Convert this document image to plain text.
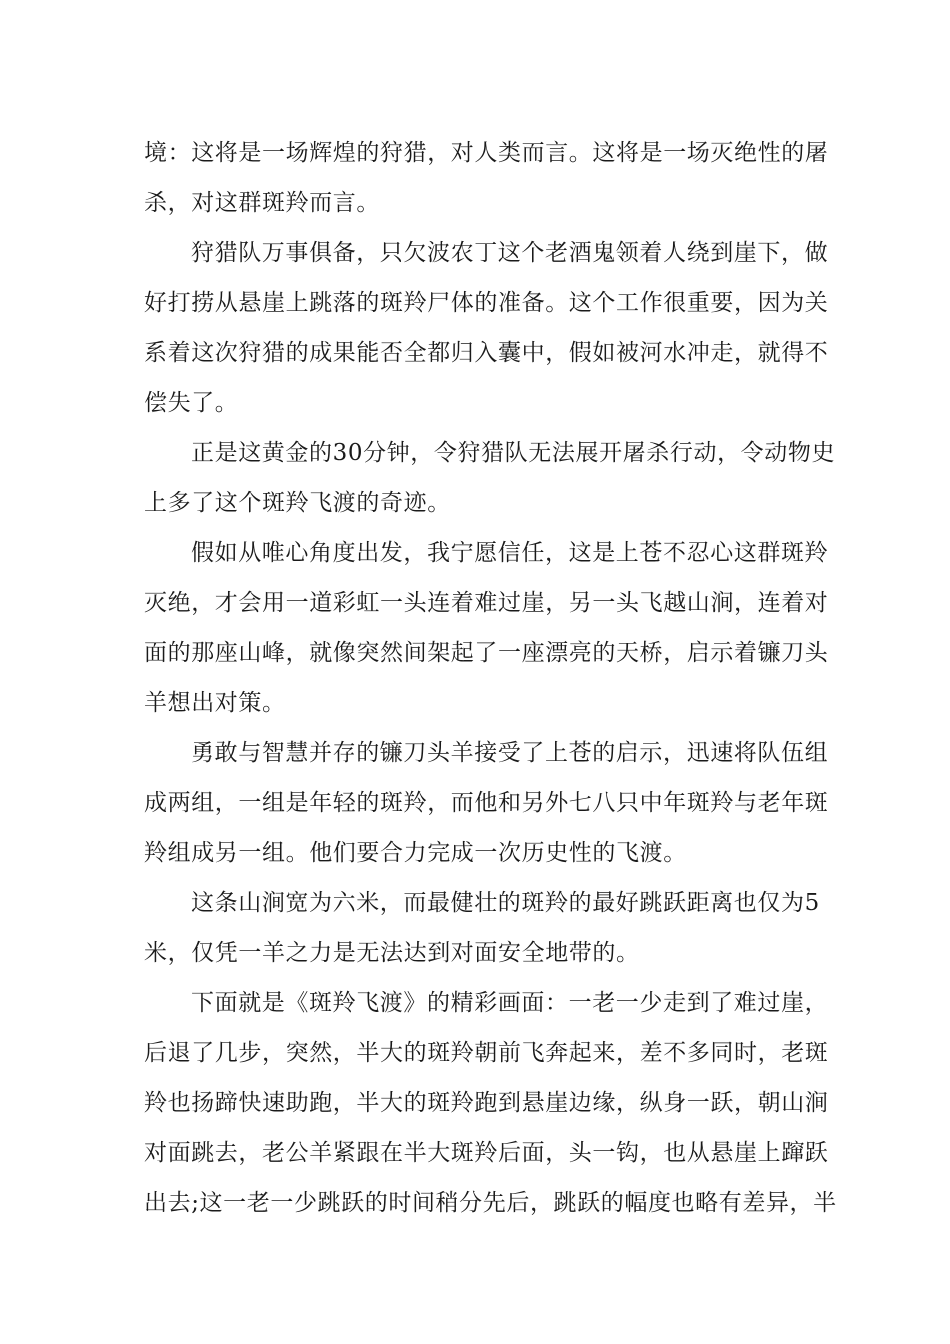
境：这将是一场辉煌的狩猎，对人类而言。这将是一场灭绝性的屠
杀，对这群斑羚而言。

狩猎队万事俱备，只欠波农丁这个老酒鬼领着人绕到崖下，做
好打捞从悬崖上跳落的斑羚尸体的准备。这个工作很重要，因为关
系着这次狩猎的成果能否全都归入囊中，假如被河水冲走，就得不
偿失了。

正是这黄金的30分钟，令狩猎队无法展开屠杀行动，令动物史
上多了这个斑羚飞渡的奇迹。

假如从唯心角度出发，我宁愿信任，这是上苍不忍心这群斑羚
灭绝，才会用一道彩虹一头连着难过崖，另一头飞越山涧，连着对
面的那座山峰，就像突然间架起了一座漂亮的天桥，启示着镰刀头
羊想出对策。

勇敢与智慧并存的镰刀头羊接受了上苍的启示，迅速将队伍组
成两组，一组是年轻的斑羚，而他和另外七八只中年斑羚与老年斑
羚组成另一组。他们要合力完成一次历史性的飞渡。

这条山涧宽为六米，而最健壮的斑羚的最好跳跃距离也仅为5
米，仅凭一羊之力是无法达到对面安全地带的。

下面就是《斑羚飞渡》的精彩画面：一老一少走到了难过崖，
后退了几步，突然，半大的斑羚朝前飞奔起来，差不多同时，老斑
羚也扬蹄快速助跑，半大的斑羚跑到悬崖边缘，纵身一跃，朝山涧
对面跳去，老公羊紧跟在半大斑羚后面，头一钩，也从悬崖上蹿跃
出去;这一老一少跳跃的时间稍分先后，跳跃的幅度也略有差异，半
